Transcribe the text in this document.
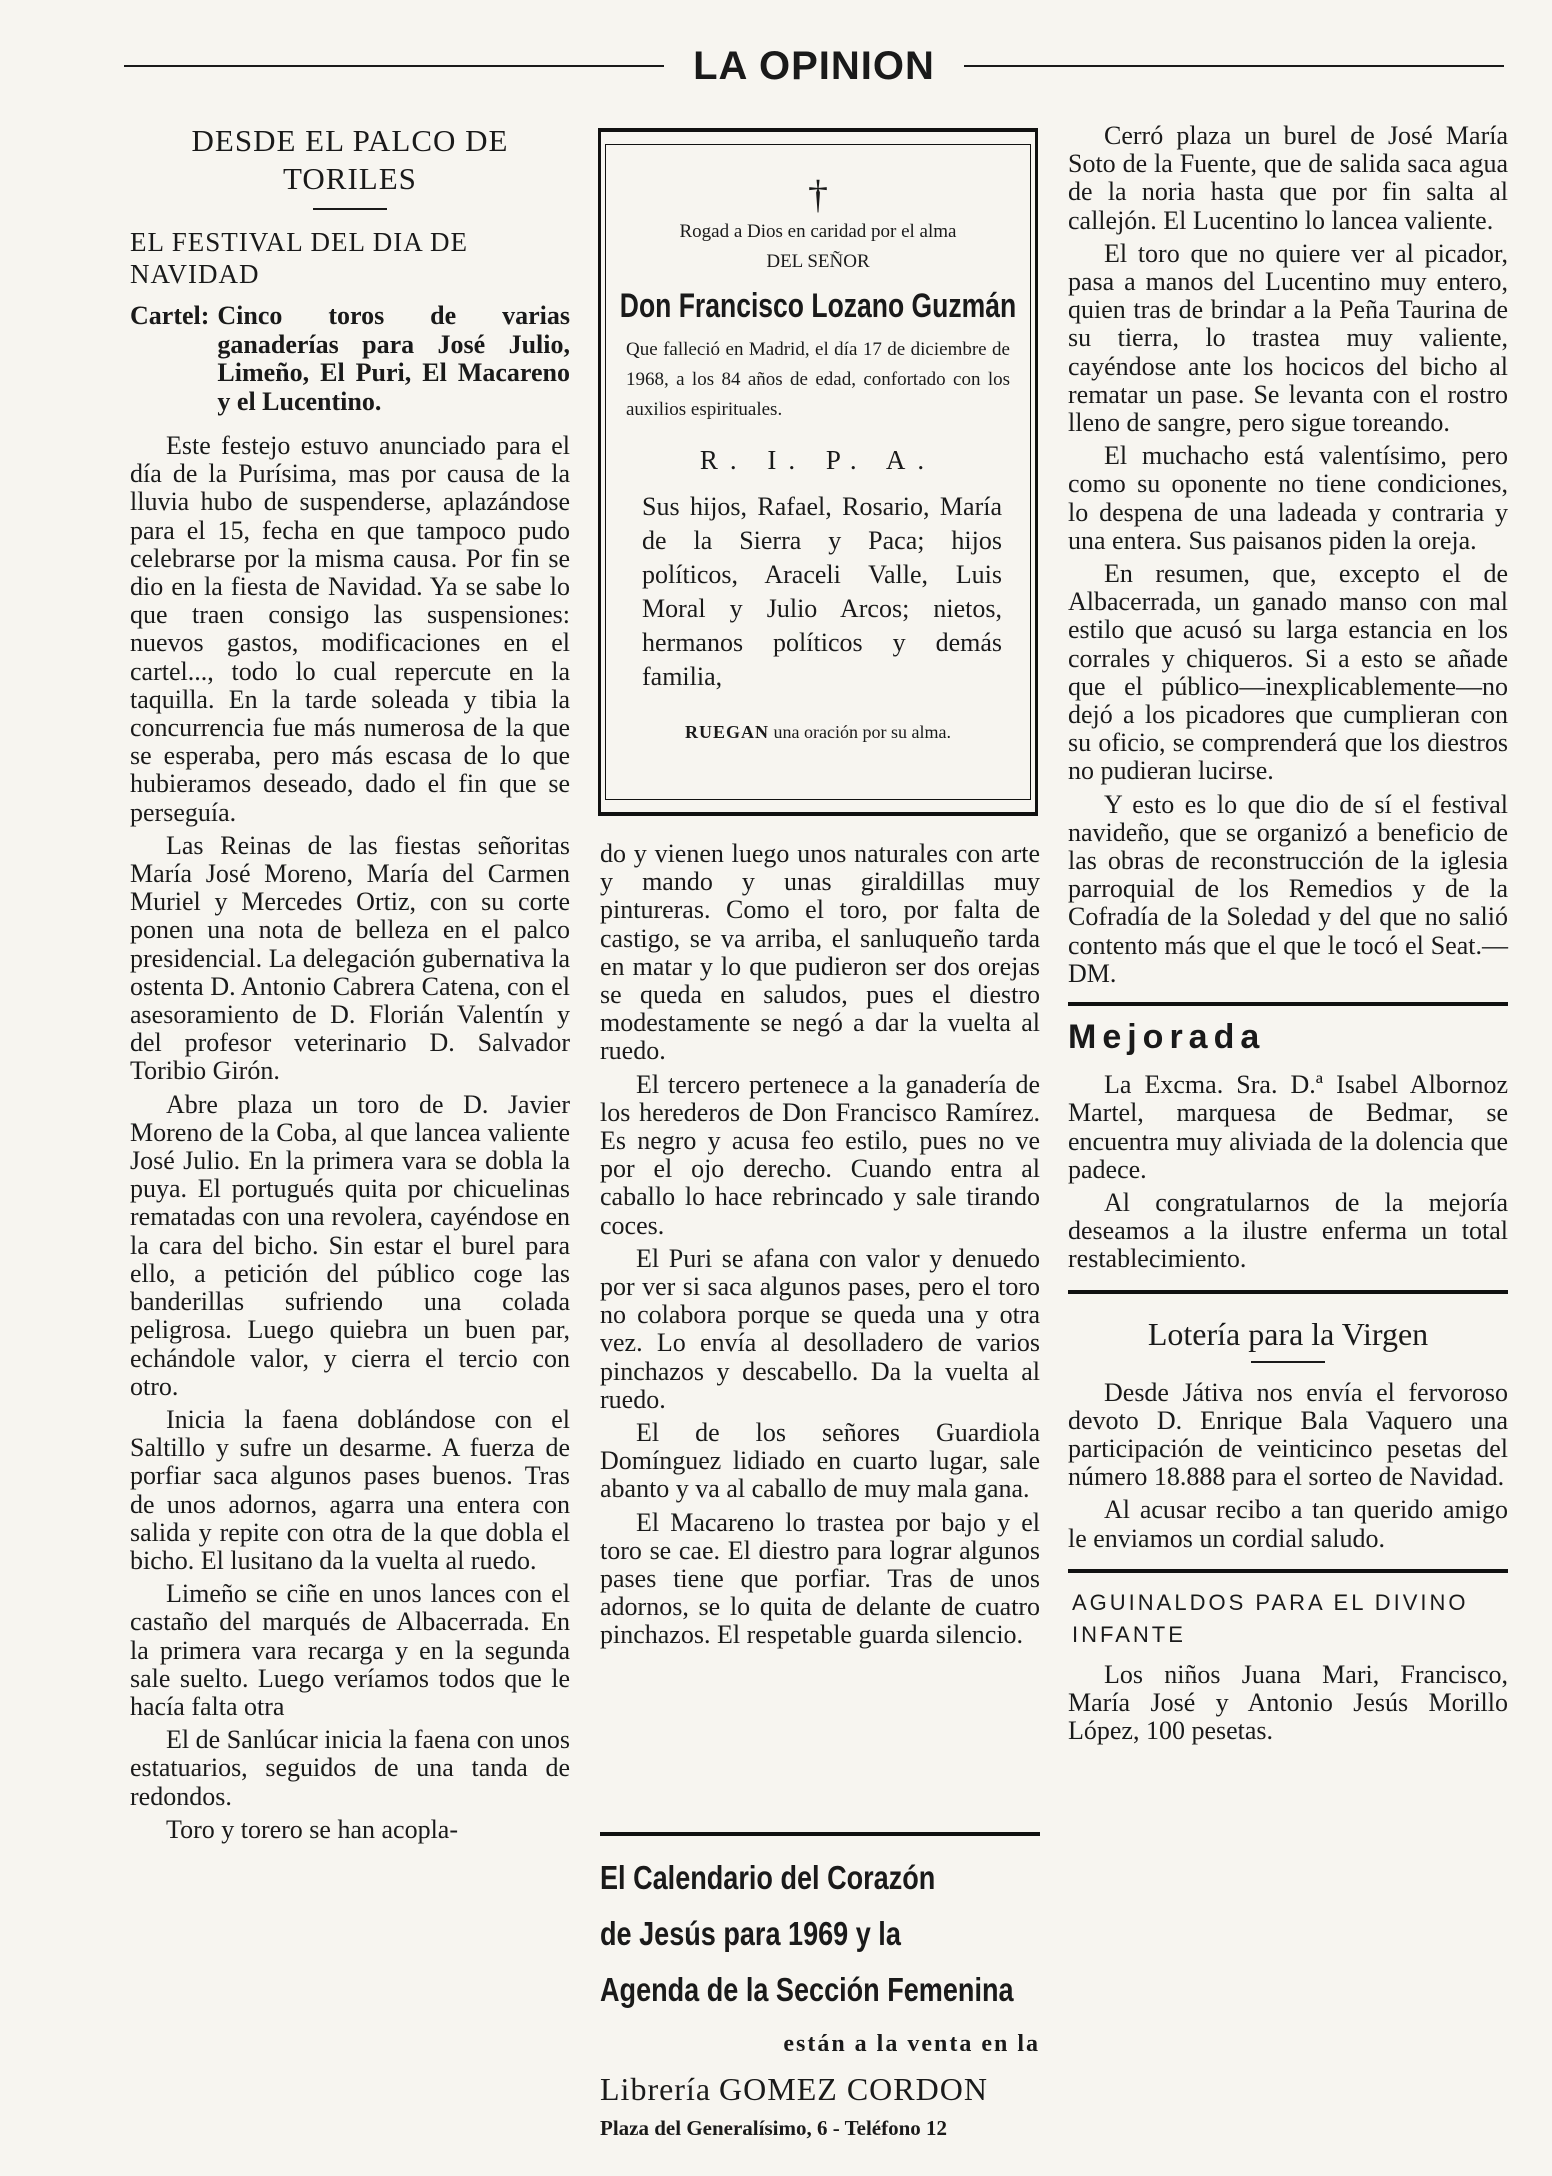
LA OPINION
DESDE EL PALCO DE TORILES
EL FESTIVAL DEL DIA DE NAVIDAD
Cartel: Cinco toros de varias ganaderías para José Julio, Limeño, El Puri, El Macareno y el Lucentino.

Este festejo estuvo anunciado para el día de la Purísima, mas por causa de la lluvia hubo de suspenderse, aplazándose para el 15, fecha en que tampoco pudo celebrarse por la misma causa. Por fin se dio en la fiesta de Navidad. Ya se sabe lo que traen consigo las suspensiones: nuevos gastos, modificaciones en el cartel..., todo lo cual repercute en la taquilla. En la tarde soleada y tibia la concurrencia fue más numerosa de la que se esperaba, pero más escasa de lo que hubieramos deseado, dado el fin que se perseguía.

Las Reinas de las fiestas señoritas María José Moreno, María del Carmen Muriel y Mercedes Ortiz, con su corte ponen una nota de belleza en el palco presidencial. La delegación gubernativa la ostenta D. Antonio Cabrera Catena, con el asesoramiento de D. Florián Valentín y del profesor veterinario D. Salvador Toribio Girón.

Abre plaza un toro de D. Javier Moreno de la Coba, al que lancea valiente José Julio. En la primera vara se dobla la puya. El portugués quita por chicuelinas rematadas con una revolera, cayéndose en la cara del bicho. Sin estar el burel para ello, a petición del público coge las banderillas sufriendo una colada peligrosa. Luego quiebra un buen par, echándole valor, y cierra el tercio con otro.

Inicia la faena doblándose con el Saltillo y sufre un desarme. A fuerza de porfiar saca algunos pases buenos. Tras de unos adornos, agarra una entera con salida y repite con otra de la que dobla el bicho. El lusitano da la vuelta al ruedo.

Limeño se ciñe en unos lances con el castaño del marqués de Albacerrada. En la primera vara recarga y en la segunda sale suelto. Luego veríamos todos que le hacía falta otra

El de Sanlúcar inicia la faena con unos estatuarios, seguidos de una tanda de redondos.

Toro y torero se han acopla-

†
Rogad a Dios en caridad por el alma
DEL SEÑOR
Don Francisco Lozano Guzmán
Que falleció en Madrid, el día 17 de diciembre de 1968, a los 84 años de edad, confortado con los auxilios espirituales.
R. I. P. A.
Sus hijos, Rafael, Rosario, María de la Sierra y Paca; hijos políticos, Araceli Valle, Luis Moral y Julio Arcos; nietos, hermanos políticos y demás familia,
RUEGAN una oración por su alma.

do y vienen luego unos naturales con arte y mando y unas giraldillas muy pintureras. Como el toro, por falta de castigo, se va arriba, el sanluqueño tarda en matar y lo que pudieron ser dos orejas se queda en saludos, pues el diestro modestamente se negó a dar la vuelta al ruedo.

El tercero pertenece a la ganadería de los herederos de Don Francisco Ramírez. Es negro y acusa feo estilo, pues no ve por el ojo derecho. Cuando entra al caballo lo hace rebrincado y sale tirando coces.

El Puri se afana con valor y denuedo por ver si saca algunos pases, pero el toro no colabora porque se queda una y otra vez. Lo envía al desolladero de varios pinchazos y descabello. Da la vuelta al ruedo.

El de los señores Guardiola Domínguez lidiado en cuarto lugar, sale abanto y va al caballo de muy mala gana.

El Macareno lo trastea por bajo y el toro se cae. El diestro para lograr algunos pases tiene que porfiar. Tras de unos adornos, se lo quita de delante de cuatro pinchazos. El respetable guarda silencio.

El Calendario del Corazón
de Jesús para 1969 y la
Agenda de la Sección Femenina
están a la venta en la
Librería GOMEZ CORDON
Plaza del Generalísimo, 6 - Teléfono 12

Cerró plaza un burel de José María Soto de la Fuente, que de salida saca agua de la noria hasta que por fin salta al callejón. El Lucentino lo lancea valiente.

El toro que no quiere ver al picador, pasa a manos del Lucentino muy entero, quien tras de brindar a la Peña Taurina de su tierra, lo trastea muy valiente, cayéndose ante los hocicos del bicho al rematar un pase. Se levanta con el rostro lleno de sangre, pero sigue toreando.

El muchacho está valentísimo, pero como su oponente no tiene condiciones, lo despena de una ladeada y contraria y una entera. Sus paisanos piden la oreja.

En resumen, que, excepto el de Albacerrada, un ganado manso con mal estilo que acusó su larga estancia en los corrales y chiqueros. Si a esto se añade que el público—inexplicablemente—no dejó a los picadores que cumplieran con su oficio, se comprenderá que los diestros no pudieran lucirse.

Y esto es lo que dio de sí el festival navideño, que se organizó a beneficio de las obras de reconstrucción de la iglesia parroquial de los Remedios y de la Cofradía de la Soledad y del que no salió contento más que el que le tocó el Seat.—DM.

Mejorada

La Excma. Sra. D.ª Isabel Albornoz Martel, marquesa de Bedmar, se encuentra muy aliviada de la dolencia que padece.

Al congratularnos de la mejoría deseamos a la ilustre enferma un total restablecimiento.

Lotería para la Virgen

Desde Játiva nos envía el fervoroso devoto D. Enrique Bala Vaquero una participación de veinticinco pesetas del número 18.888 para el sorteo de Navidad.

Al acusar recibo a tan querido amigo le enviamos un cordial saludo.

AGUINALDOS PARA EL DIVINO INFANTE

Los niños Juana Mari, Francisco, María José y Antonio Jesús Morillo López, 100 pesetas.
